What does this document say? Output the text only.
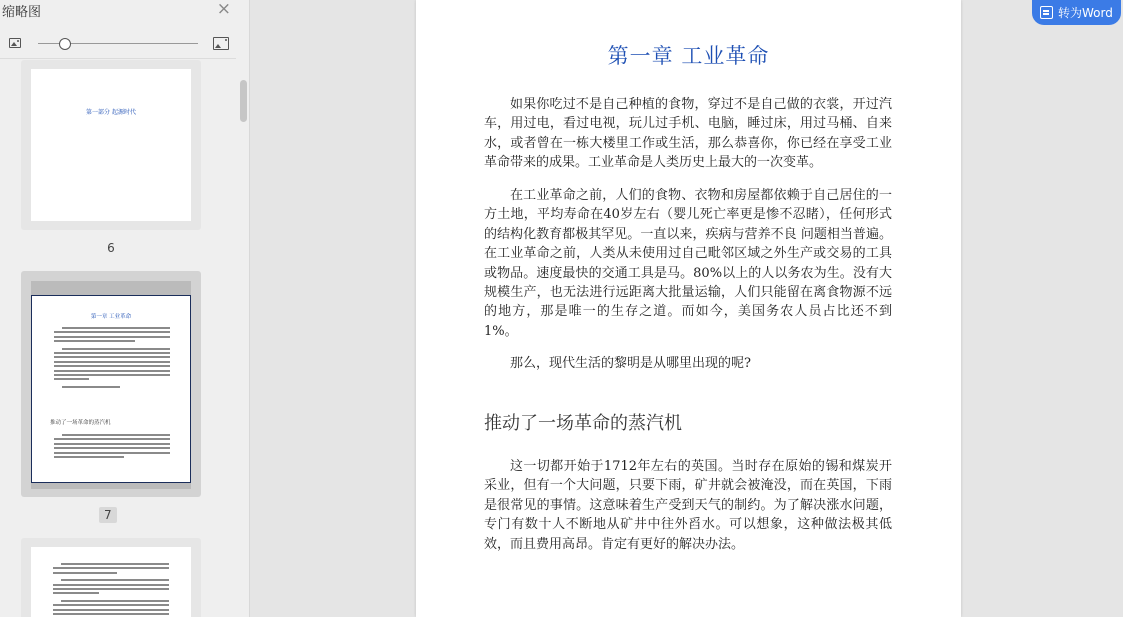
缩略图	×
第一部分 起源时代
6
第一章 工业革命
推动了一场革命的蒸汽机
7
第一章 工业革命

如果你吃过不是自己种植的食物，穿过不是自己做的衣裳，开过汽车，用过电，看过电视，玩儿过手机、电脑，睡过床，用过马桶、自来水，或者曾在一栋大楼里工作或生活，那么恭喜你，你已经在享受工业革命带来的成果。工业革命是人类历史上最大的一次变革。

在工业革命之前，人们的食物、衣物和房屋都依赖于自己居住的一方土地，平均寿命在40岁左右（婴儿死亡率更是惨不忍睹），任何形式的结构化教育都极其罕见。一直以来，疾病与营养不良 问题相当普遍。在工业革命之前，人类从未使用过自己毗邻区域之外生产或交易的工具或物品。速度最快的交通工具是马。80%以上的人以务农为生。没有大规模生产，也无法进行远距离大批量运输，人们只能留在离食物源不远的地方，那是唯一的生存之道。而如今，美国务农人员占比还不到1%。

那么，现代生活的黎明是从哪里出现的呢?

推动了一场革命的蒸汽机

这一切都开始于1712年左右的英国。当时存在原始的锡和煤炭开采业，但有一个大问题，只要下雨，矿井就会被淹没，而在英国，下雨是很常见的事情。这意味着生产受到天气的制约。为了解决涨水问题，专门有数十人不断地从矿井中往外舀水。可以想象，这种做法极其低效，而且费用高昂。肯定有更好的解决办法。

转为Word
